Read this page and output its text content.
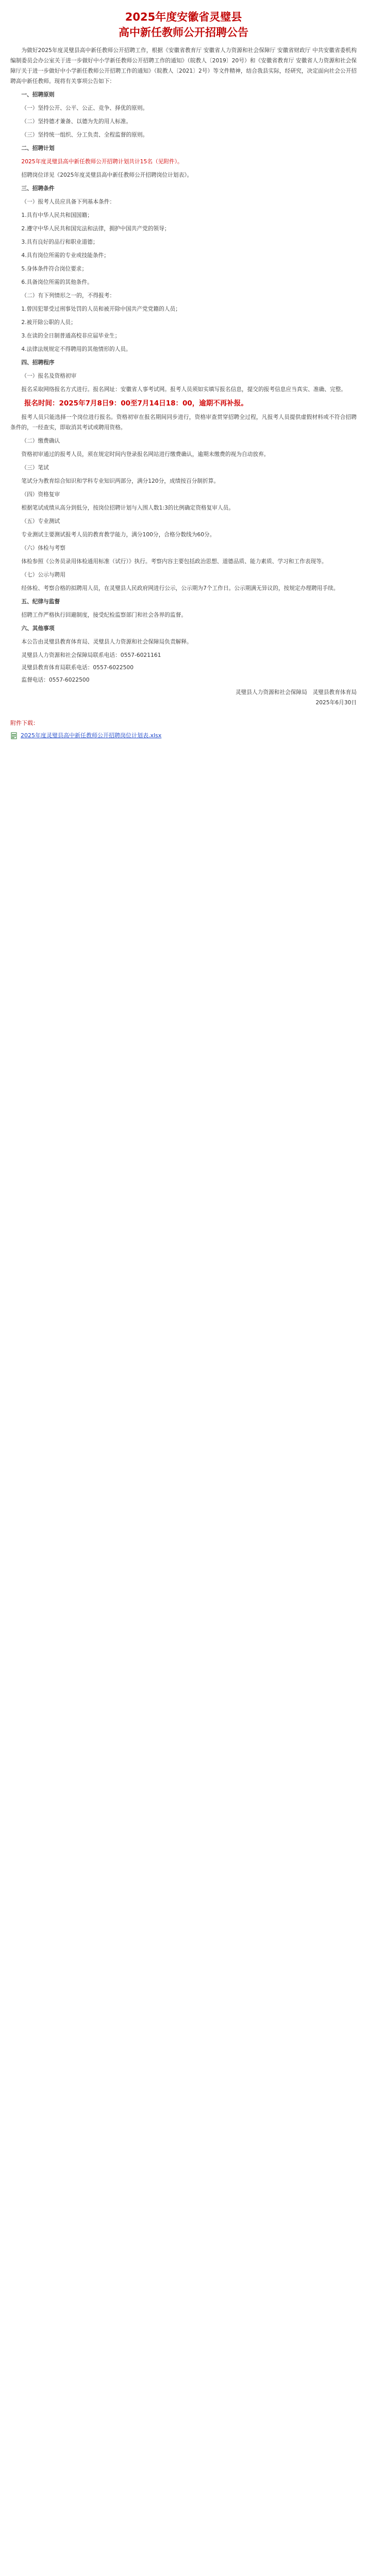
2025年度安徽省灵璧县
高中新任教师公开招聘公告

为做好2025年度灵璧县高中新任教师公开招聘工作，根据《安徽省教育厅 安徽省人力资源和社会保障厅 安徽省财政厅 中共安徽省委机构编制委员会办公室关于进一步做好中小学新任教师公开招聘工作的通知》（皖教人〔2019〕20号）和《安徽省教育厅 安徽省人力资源和社会保障厅关于进一步做好中小学新任教师公开招聘工作的通知》（皖教人〔2021〕2号）等文件精神，结合我县实际，经研究，决定面向社会公开招聘高中新任教师。现将有关事项公告如下：

一、招聘原则

（一）坚持公开、公平、公正、竞争、择优的原则。

（二）坚持德才兼备、以德为先的用人标准。

（三）坚持统一组织、分工负责、全程监督的原则。

二、招聘计划

2025年度灵璧县高中新任教师公开招聘计划共计15名（见附件）。

招聘岗位详见《2025年度灵璧县高中新任教师公开招聘岗位计划表》。

三、招聘条件

（一）报考人员应具备下列基本条件：

1.具有中华人民共和国国籍；

2.遵守中华人民共和国宪法和法律，拥护中国共产党的领导；

3.具有良好的品行和职业道德；

4.具有岗位所需的专业或技能条件；

5.身体条件符合岗位要求；

6.具备岗位所需的其他条件。

（二）有下列情形之一的，不得报考：

1.曾因犯罪受过刑事处罚的人员和被开除中国共产党党籍的人员；

2.被开除公职的人员；

3.在读的全日制普通高校非应届毕业生；

4.法律法规规定不得聘用的其他情形的人员。

四、招聘程序

（一）报名及资格初审

报名采取网络报名方式进行。报名网址：安徽省人事考试网。报考人员须如实填写报名信息，提交的报考信息应当真实、准确、完整。

报名时间：2025年7月8日9：00至7月14日18：00，逾期不再补报。

报考人员只能选择一个岗位进行报名。资格初审在报名期间同步进行，资格审查贯穿招聘全过程，凡报考人员提供虚假材料或不符合招聘条件的，一经查实，即取消其考试或聘用资格。

（二）缴费确认

资格初审通过的报考人员，须在规定时间内登录报名网站进行缴费确认，逾期未缴费的视为自动放弃。

（三）笔试

笔试分为教育综合知识和学科专业知识两部分，满分120分，成绩按百分制折算。

（四）资格复审

根据笔试成绩从高分到低分，按岗位招聘计划与入围人数1:3的比例确定资格复审人员。

（五）专业测试

专业测试主要测试报考人员的教育教学能力，满分100分，合格分数线为60分。

（六）体检与考察

体检参照《公务员录用体检通用标准（试行）》执行。考察内容主要包括政治思想、道德品质、能力素质、学习和工作表现等。

（七）公示与聘用

经体检、考察合格的拟聘用人员，在灵璧县人民政府网进行公示，公示期为7个工作日。公示期满无异议的，按规定办理聘用手续。

五、纪律与监督

招聘工作严格执行回避制度，接受纪检监察部门和社会各界的监督。

六、其他事项

本公告由灵璧县教育体育局、灵璧县人力资源和社会保障局负责解释。

灵璧县人力资源和社会保障局联系电话：0557-6021161

灵璧县教育体育局联系电话：0557-6022500

监督电话：0557-6022500

灵璧县人力资源和社会保障局　灵璧县教育体育局

2025年6月30日

附件下载：
2025年度灵璧县高中新任教师公开招聘岗位计划表.xlsx
